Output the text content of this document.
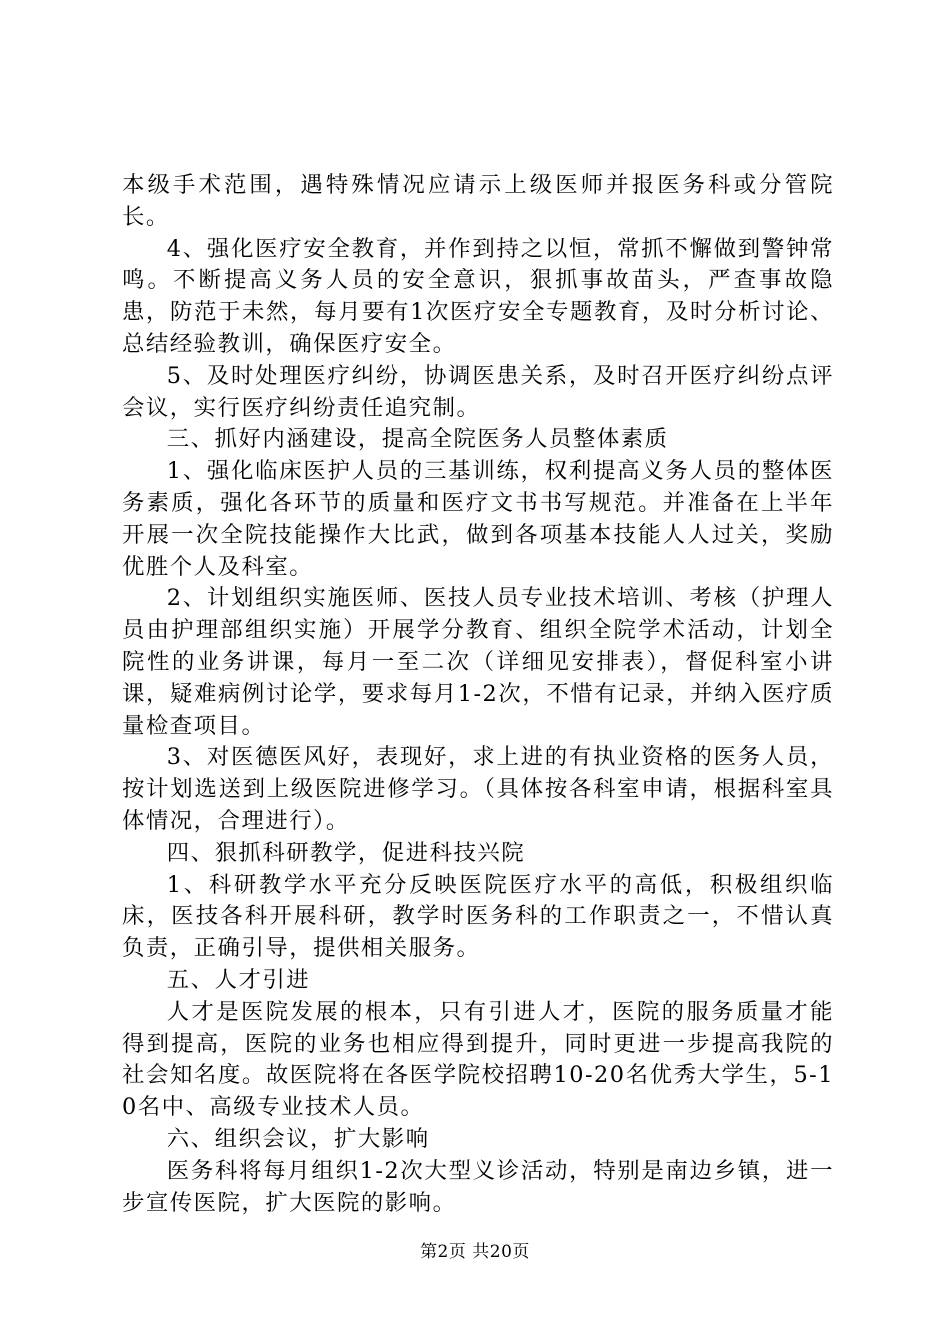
本级手术范围，遇特殊情况应请示上级医师并报医务科或分管院长。

4、强化医疗安全教育，并作到持之以恒，常抓不懈做到警钟常鸣。不断提高义务人员的安全意识，狠抓事故苗头，严查事故隐患，防范于未然，每月要有1次医疗安全专题教育，及时分析讨论、总结经验教训，确保医疗安全。

5、及时处理医疗纠纷，协调医患关系，及时召开医疗纠纷点评会议，实行医疗纠纷责任追究制。

三、抓好内涵建设，提高全院医务人员整体素质

1、强化临床医护人员的三基训练，权利提高义务人员的整体医务素质，强化各环节的质量和医疗文书书写规范。并准备在上半年开展一次全院技能操作大比武，做到各项基本技能人人过关，奖励优胜个人及科室。

2、计划组织实施医师、医技人员专业技术培训、考核（护理人员由护理部组织实施）开展学分教育、组织全院学术活动，计划全院性的业务讲课，每月一至二次（详细见安排表），督促科室小讲课，疑难病例讨论学，要求每月1-2次，不惜有记录，并纳入医疗质量检查项目。

3、对医德医风好，表现好，求上进的有执业资格的医务人员，按计划选送到上级医院进修学习。（具体按各科室申请，根据科室具体情况，合理进行）。

四、狠抓科研教学，促进科技兴院

1、科研教学水平充分反映医院医疗水平的高低，积极组织临床，医技各科开展科研，教学时医务科的工作职责之一，不惜认真负责，正确引导，提供相关服务。

五、人才引进

人才是医院发展的根本，只有引进人才，医院的服务质量才能得到提高，医院的业务也相应得到提升，同时更进一步提高我院的社会知名度。故医院将在各医学院校招聘10-20名优秀大学生，5-10名中、高级专业技术人员。

六、组织会议，扩大影响

医务科将每月组织1-2次大型义诊活动，特别是南边乡镇，进一步宣传医院，扩大医院的影响。

第2页 共20页
